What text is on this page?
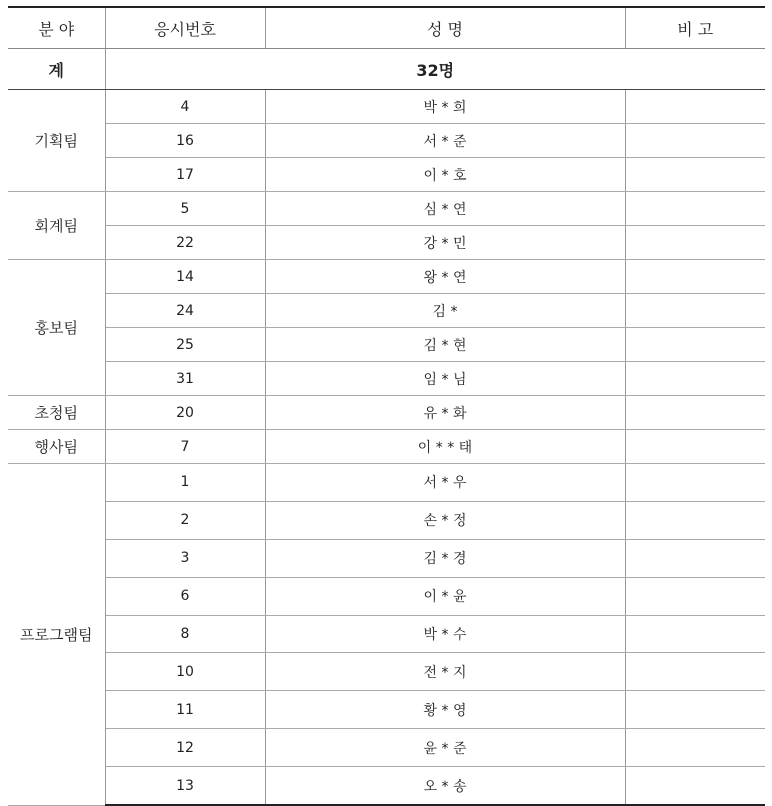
분 야	응시번호	성 명	비 고
계	32명		
기획팀	4	박 * 희	
	16	서 * 준	
	17	이 * 호	
회계팀	5	심 * 연	
	22	강 * 민	
홍보팀	14	왕 * 연	
	24	김 *	
	25	김 * 현	
	31	임 * 님	
초청팀	20	유 * 화	
행사팀	7	이 * * 태	
프로그램팀	1	서 * 우	
	2	손 * 정	
	3	김 * 경	
	6	이 * 윤	
	8	박 * 수	
	10	전 * 지	
	11	황 * 영	
	12	윤 * 준	
	13	오 * 송	
